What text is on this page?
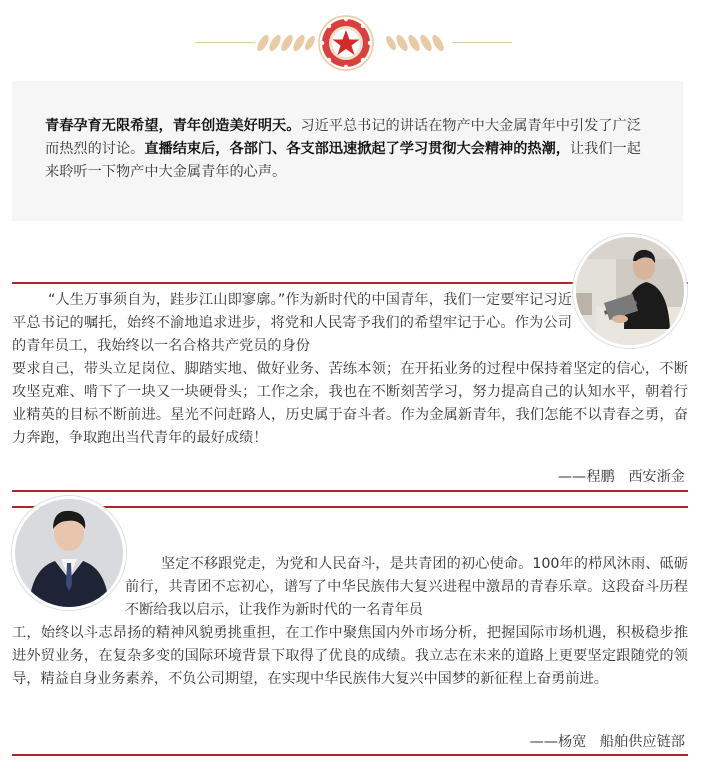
青春孕育无限希望，青年创造美好明天。习近平总书记的讲话在物产中大金属青年中引发了广泛而热烈的讨论。直播结束后，各部门、各支部迅速掀起了学习贯彻大会精神的热潮，让我们一起来聆听一下物产中大金属青年的心声。
“人生万事须自为，跬步江山即寥廓。”作为新时代的中国青年，我们一定要牢记习近平总书记的嘱托，始终不渝地追求进步，将党和人民寄予我们的希望牢记于心。作为公司的青年员工，我始终以一名合格共产党员的身份
要求自己，带头立足岗位、脚踏实地、做好业务、苦练本领；在开拓业务的过程中保持着坚定的信心，不断攻坚克难、啃下了一块又一块硬骨头；工作之余，我也在不断刻苦学习，努力提高自己的认知水平，朝着行业精英的目标不断前进。星光不问赶路人，历史属于奋斗者。作为金属新青年，我们怎能不以青春之勇，奋力奔跑，争取跑出当代青年的最好成绩！
——程鹏   西安浙金
坚定不移跟党走，为党和人民奋斗，是共青团的初心使命。100年的栉风沐雨、砥砺前行，共青团不忘初心，谱写了中华民族伟大复兴进程中激昂的青春乐章。这段奋斗历程不断给我以启示，让我作为新时代的一名青年员
工，始终以斗志昂扬的精神风貌勇挑重担，在工作中聚焦国内外市场分析，把握国际市场机遇，积极稳步推进外贸业务，在复杂多变的国际环境背景下取得了优良的成绩。我立志在未来的道路上更要坚定跟随党的领导，精益自身业务素养，不负公司期望，在实现中华民族伟大复兴中国梦的新征程上奋勇前进。
——杨宽   船舶供应链部
